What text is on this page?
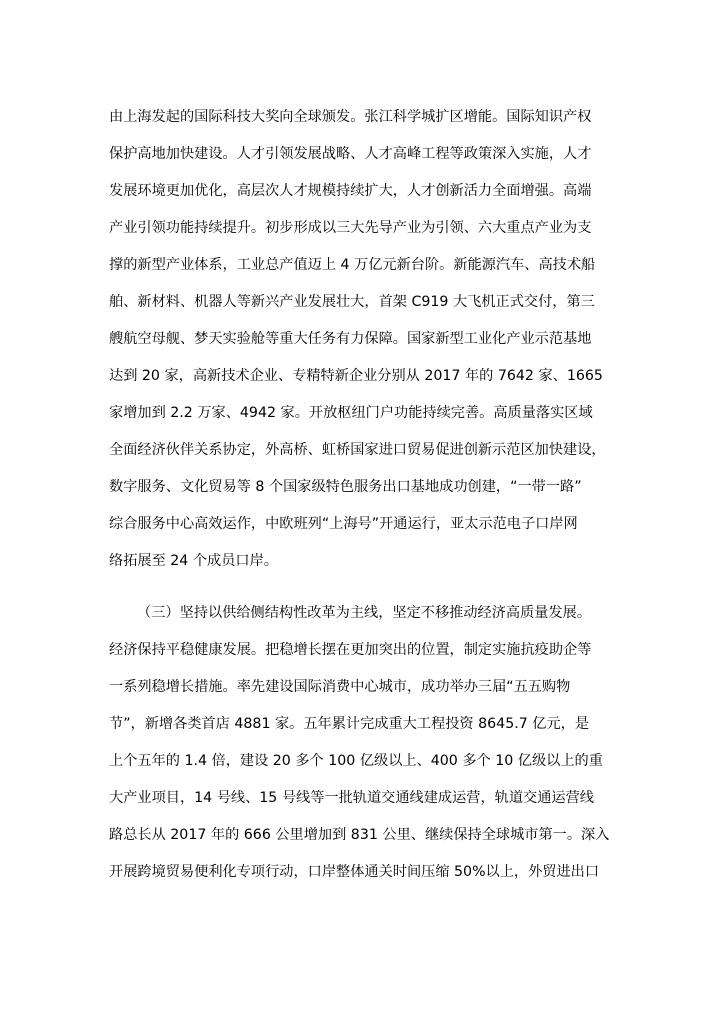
由上海发起的国际科技大奖向全球颁发。张江科学城扩区增能。国际知识产权
保护高地加快建设。人才引领发展战略、人才高峰工程等政策深入实施，人才
发展环境更加优化，高层次人才规模持续扩大，人才创新活力全面增强。高端
产业引领功能持续提升。初步形成以三大先导产业为引领、六大重点产业为支
撑的新型产业体系，工业总产值迈上 4 万亿元新台阶。新能源汽车、高技术船
舶、新材料、机器人等新兴产业发展壮大，首架 C919 大飞机正式交付，第三
艘航空母舰、梦天实验舱等重大任务有力保障。国家新型工业化产业示范基地
达到 20 家，高新技术企业、专精特新企业分别从 2017 年的 7642 家、1665
家增加到 2.2 万家、4942 家。开放枢纽门户功能持续完善。高质量落实区域
全面经济伙伴关系协定，外高桥、虹桥国家进口贸易促进创新示范区加快建设，
数字服务、文化贸易等 8 个国家级特色服务出口基地成功创建，“一带一路”
综合服务中心高效运作，中欧班列“上海号”开通运行，亚太示范电子口岸网
络拓展至 24 个成员口岸。
（三）坚持以供给侧结构性改革为主线，坚定不移推动经济高质量发展。
经济保持平稳健康发展。把稳增长摆在更加突出的位置，制定实施抗疫助企等
一系列稳增长措施。率先建设国际消费中心城市，成功举办三届“五五购物
节”，新增各类首店 4881 家。五年累计完成重大工程投资 8645.7 亿元，是
上个五年的 1.4 倍，建设 20 多个 100 亿级以上、400 多个 10 亿级以上的重
大产业项目，14 号线、15 号线等一批轨道交通线建成运营，轨道交通运营线
路总长从 2017 年的 666 公里增加到 831 公里、继续保持全球城市第一。深入
开展跨境贸易便利化专项行动，口岸整体通关时间压缩 50%以上，外贸进出口
